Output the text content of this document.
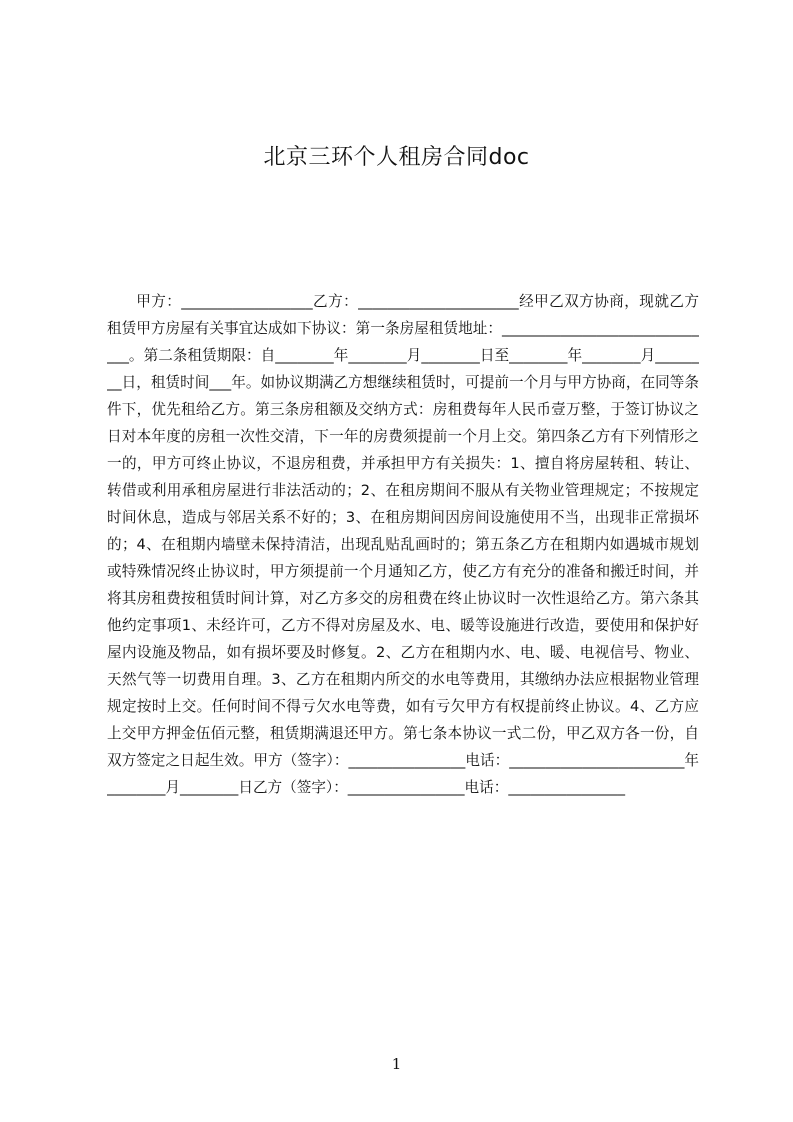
北京三环个人租房合同doc
甲方：__________________乙方：______________________经甲乙双方协商，现就乙方租赁甲方房屋有关事宜达成如下协议：第一条房屋租赁地址：______________________________。第二条租赁期限：自________年________月________日至________年________月________日，租赁时间___年。如协议期满乙方想继续租赁时，可提前一个月与甲方协商，在同等条件下，优先租给乙方。第三条房租额及交纳方式：房租费每年人民币壹万整，于签订协议之日对本年度的房租一次性交清，下一年的房费须提前一个月上交。第四条乙方有下列情形之一的，甲方可终止协议，不退房租费，并承担甲方有关损失：1、擅自将房屋转租、转让、转借或利用承租房屋进行非法活动的；2、在租房期间不服从有关物业管理规定；不按规定时间休息，造成与邻居关系不好的；3、在租房期间因房间设施使用不当，出现非正常损坏的；4、在租期内墙壁未保持清洁，出现乱贴乱画时的；第五条乙方在租期内如遇城市规划或特殊情况终止协议时，甲方须提前一个月通知乙方，使乙方有充分的准备和搬迁时间，并将其房租费按租赁时间计算，对乙方多交的房租费在终止协议时一次性退给乙方。第六条其他约定事项1、未经许可，乙方不得对房屋及水、电、暖等设施进行改造，要使用和保护好屋内设施及物品，如有损坏要及时修复。2、乙方在租期内水、电、暖、电视信号、物业、天然气等一切费用自理。3、乙方在租期内所交的水电等费用，其缴纳办法应根据物业管理规定按时上交。任何时间不得亏欠水电等费，如有亏欠甲方有权提前终止协议。4、乙方应上交甲方押金伍佰元整，租赁期满退还甲方。第七条本协议一式二份，甲乙双方各一份，自双方签定之日起生效。甲方（签字）：________________电话：________________________年________月________日乙方（签字）：________________电话：________________
1
